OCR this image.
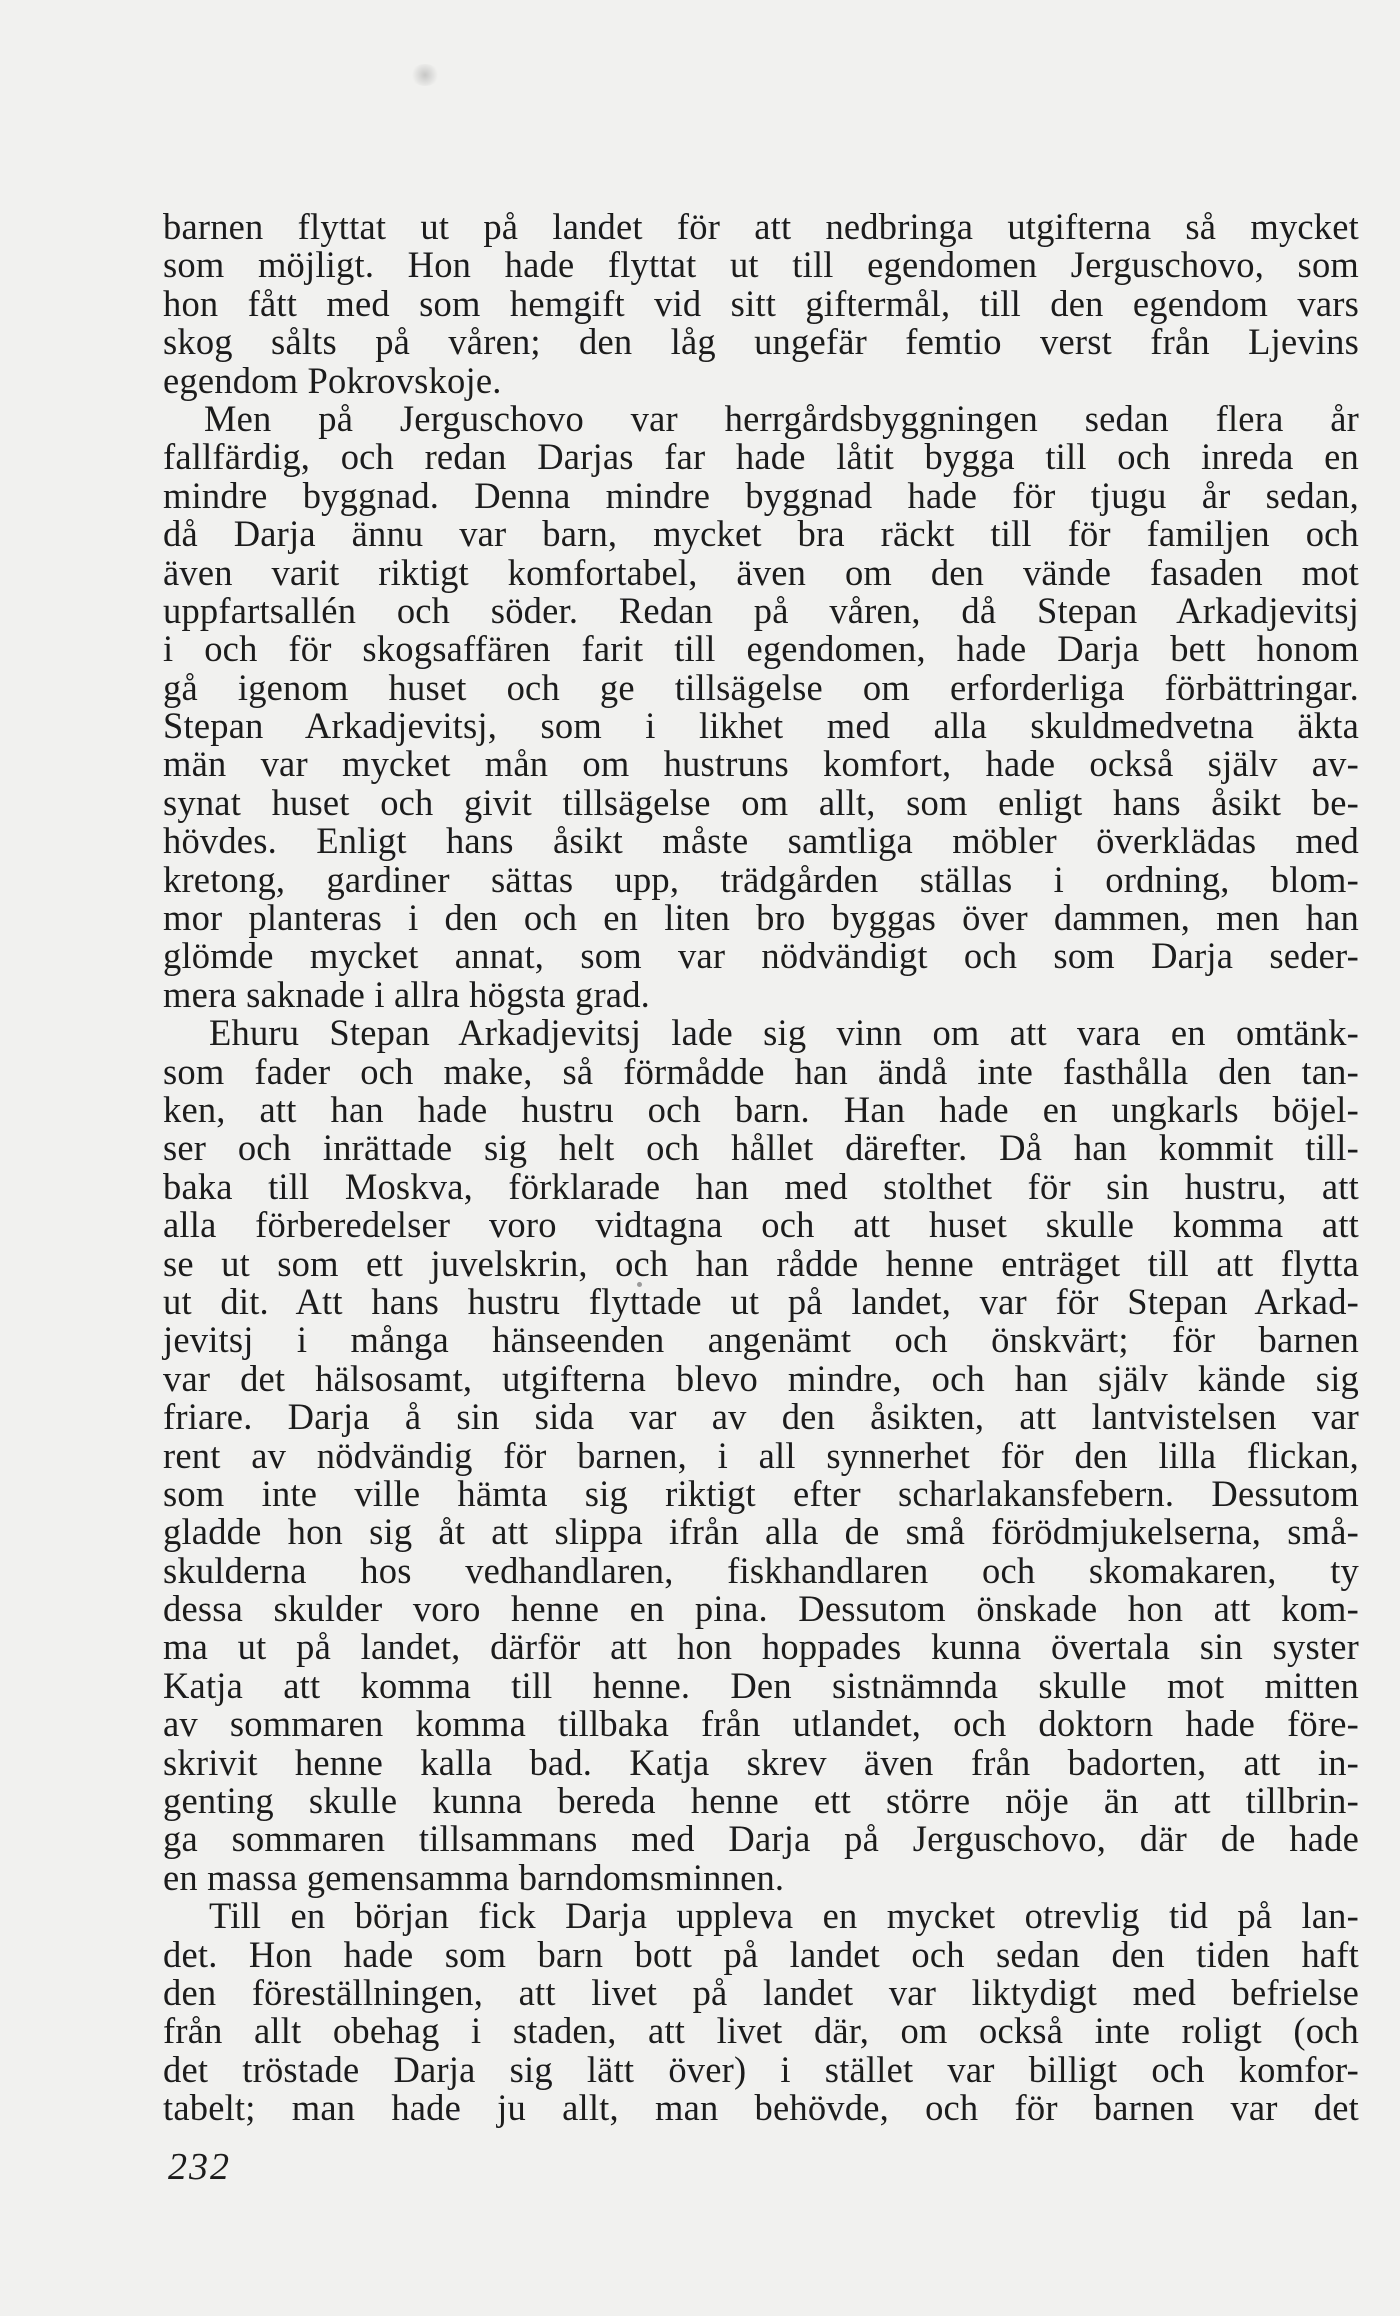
barnen flyttat ut på landet för att nedbringa utgifterna så mycket
som möjligt. Hon hade flyttat ut till egendomen Jerguschovo, som
hon fått med som hemgift vid sitt giftermål, till den egendom vars
skog sålts på våren; den låg ungefär femtio verst från Ljevins
egendom Pokrovskoje.
Men på Jerguschovo var herrgårdsbyggningen sedan flera år
fallfärdig, och redan Darjas far hade låtit bygga till och inreda en
mindre byggnad. Denna mindre byggnad hade för tjugu år sedan,
då Darja ännu var barn, mycket bra räckt till för familjen och
även varit riktigt komfortabel, även om den vände fasaden mot
uppfartsallén och söder. Redan på våren, då Stepan Arkadjevitsj
i och för skogsaffären farit till egendomen, hade Darja bett honom
gå igenom huset och ge tillsägelse om erforderliga förbättringar.
Stepan Arkadjevitsj, som i likhet med alla skuldmedvetna äkta
män var mycket mån om hustruns komfort, hade också själv av-
synat huset och givit tillsägelse om allt, som enligt hans åsikt be-
hövdes. Enligt hans åsikt måste samtliga möbler överklädas med
kretong, gardiner sättas upp, trädgården ställas i ordning, blom-
mor planteras i den och en liten bro byggas över dammen, men han
glömde mycket annat, som var nödvändigt och som Darja seder-
mera saknade i allra högsta grad.
Ehuru Stepan Arkadjevitsj lade sig vinn om att vara en omtänk-
som fader och make, så förmådde han ändå inte fasthålla den tan-
ken, att han hade hustru och barn. Han hade en ungkarls böjel-
ser och inrättade sig helt och hållet därefter. Då han kommit till-
baka till Moskva, förklarade han med stolthet för sin hustru, att
alla förberedelser voro vidtagna och att huset skulle komma att
se ut som ett juvelskrin, och han rådde henne enträget till att flytta
ut dit. Att hans hustru flyttade ut på landet, var för Stepan Arkad-
jevitsj i många hänseenden angenämt och önskvärt; för barnen
var det hälsosamt, utgifterna blevo mindre, och han själv kände sig
friare. Darja å sin sida var av den åsikten, att lantvistelsen var
rent av nödvändig för barnen, i all synnerhet för den lilla flickan,
som inte ville hämta sig riktigt efter scharlakansfebern. Dessutom
gladde hon sig åt att slippa ifrån alla de små förödmjukelserna, små-
skulderna hos vedhandlaren, fiskhandlaren och skomakaren, ty
dessa skulder voro henne en pina. Dessutom önskade hon att kom-
ma ut på landet, därför att hon hoppades kunna övertala sin syster
Katja att komma till henne. Den sistnämnda skulle mot mitten
av sommaren komma tillbaka från utlandet, och doktorn hade före-
skrivit henne kalla bad. Katja skrev även från badorten, att in-
genting skulle kunna bereda henne ett större nöje än att tillbrin-
ga sommaren tillsammans med Darja på Jerguschovo, där de hade
en massa gemensamma barndomsminnen.
Till en början fick Darja uppleva en mycket otrevlig tid på lan-
det. Hon hade som barn bott på landet och sedan den tiden haft
den föreställningen, att livet på landet var liktydigt med befrielse
från allt obehag i staden, att livet där, om också inte roligt (och
det tröstade Darja sig lätt över) i stället var billigt och komfor-
tabelt; man hade ju allt, man behövde, och för barnen var det
232
